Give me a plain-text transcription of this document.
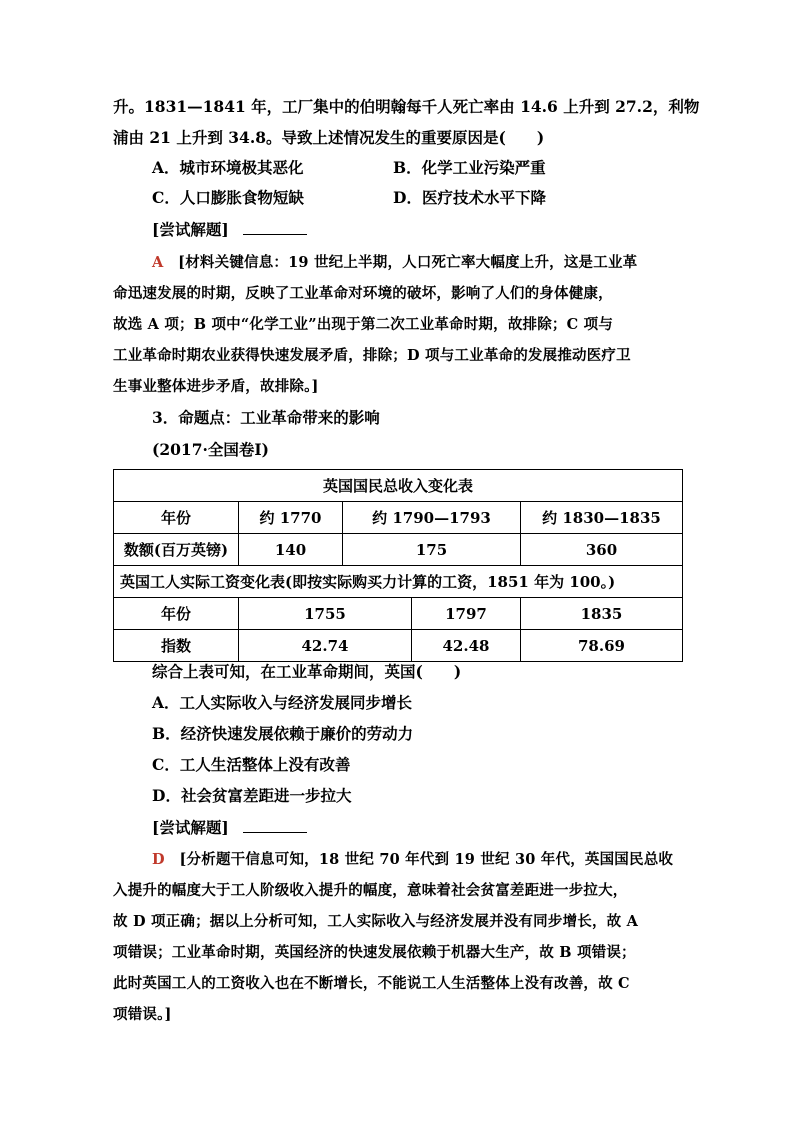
升。1831—1841 年，工厂集中的伯明翰每千人死亡率由 14.6 上升到 27.2，利物
浦由 21 上升到 34.8。导致上述情况发生的重要原因是(　　)
A．城市环境极其恶化	B．化学工业污染严重
C．人口膨胀食物短缺	D．医疗技术水平下降
[尝试解题]
A　 [材料关键信息：19 世纪上半期，人口死亡率大幅度上升，这是工业革
命迅速发展的时期，反映了工业革命对环境的破坏，影响了人们的身体健康，
故选 A 项；B 项中“化学工业”出现于第二次工业革命时期，故排除；C 项与
工业革命时期农业获得快速发展矛盾，排除；D 项与工业革命的发展推动医疗卫
生事业整体进步矛盾，故排除。]
3．命题点：工业革命带来的影响
(2017·全国卷Ⅰ)
英国国民总收入变化表				
年份	约 1770	约 1790—1793		约 1830—1835
数额(百万英镑)	140	175		360
英国工人实际工资变化表(即按实际购买力计算的工资，1851 年为 100。)				
年份	1755		1797	1835
指数	42.74		42.48	78.69
综合上表可知，在工业革命期间，英国(　　)
A．工人实际收入与经济发展同步增长
B．经济快速发展依赖于廉价的劳动力
C．工人生活整体上没有改善
D．社会贫富差距进一步拉大
[尝试解题]
D　 [分析题干信息可知，18 世纪 70 年代到 19 世纪 30 年代，英国国民总收
入提升的幅度大于工人阶级收入提升的幅度，意味着社会贫富差距进一步拉大，
故 D 项正确；据以上分析可知，工人实际收入与经济发展并没有同步增长，故 A
项错误；工业革命时期，英国经济的快速发展依赖于机器大生产，故 B 项错误；
此时英国工人的工资收入也在不断增长，不能说工人生活整体上没有改善，故 C
项错误。]
